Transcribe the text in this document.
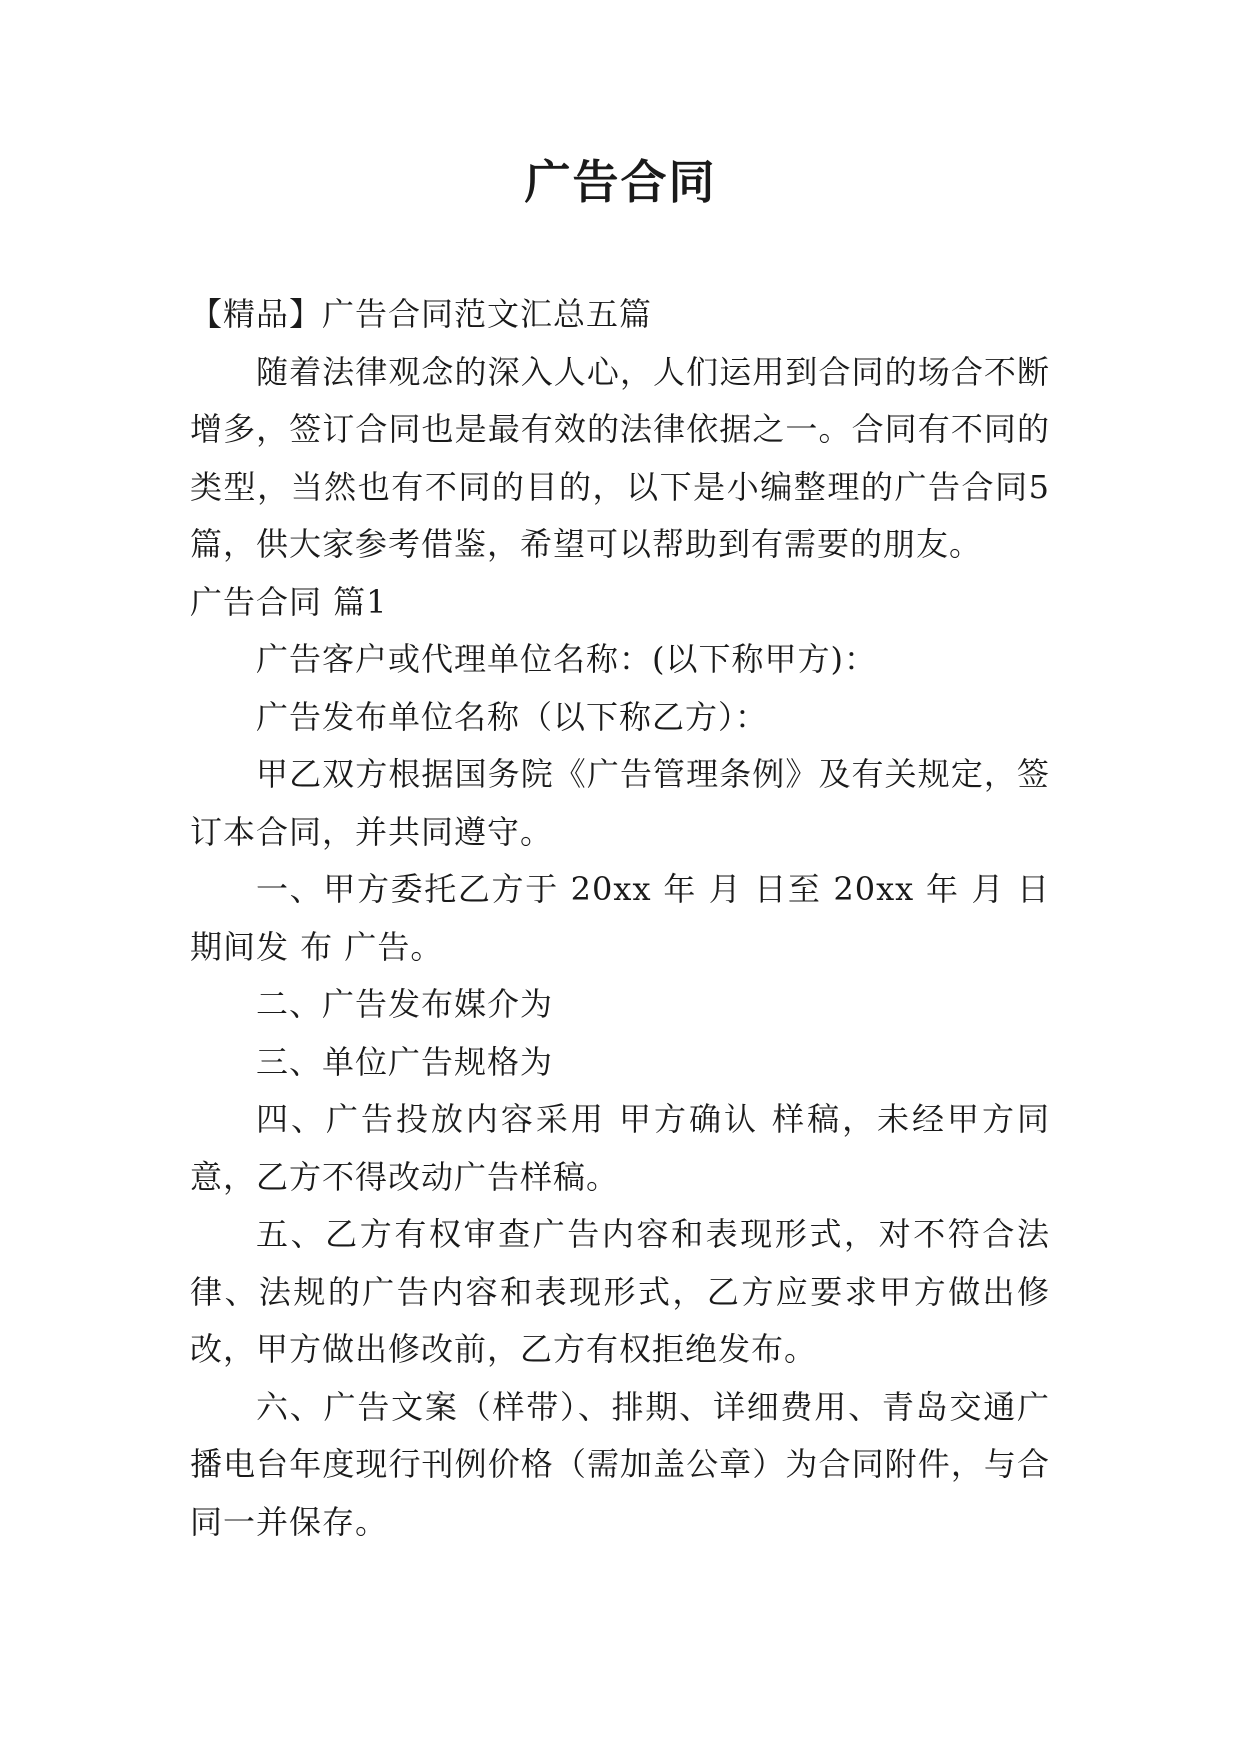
广告合同

【精品】广告合同范文汇总五篇

随着法律观念的深入人心，人们运用到合同的场合不断增多，签订合同也是最有效的法律依据之一。合同有不同的类型，当然也有不同的目的，以下是小编整理的广告合同5篇，供大家参考借鉴，希望可以帮助到有需要的朋友。

广告合同 篇1

广告客户或代理单位名称：(以下称甲方)：

广告发布单位名称（以下称乙方）：

甲乙双方根据国务院《广告管理条例》及有关规定，签订本合同，并共同遵守。

一、甲方委托乙方于 20xx 年 月 日至 20xx 年 月 日期间发 布 广告。

二、广告发布媒介为

三、单位广告规格为

四、广告投放内容采用 甲方确认 样稿，未经甲方同意，乙方不得改动广告样稿。

五、乙方有权审查广告内容和表现形式，对不符合法律、法规的广告内容和表现形式，乙方应要求甲方做出修改，甲方做出修改前，乙方有权拒绝发布。

六、广告文案（样带）、排期、详细费用、青岛交通广播电台年度现行刊例价格（需加盖公章）为合同附件，与合同一并保存。
